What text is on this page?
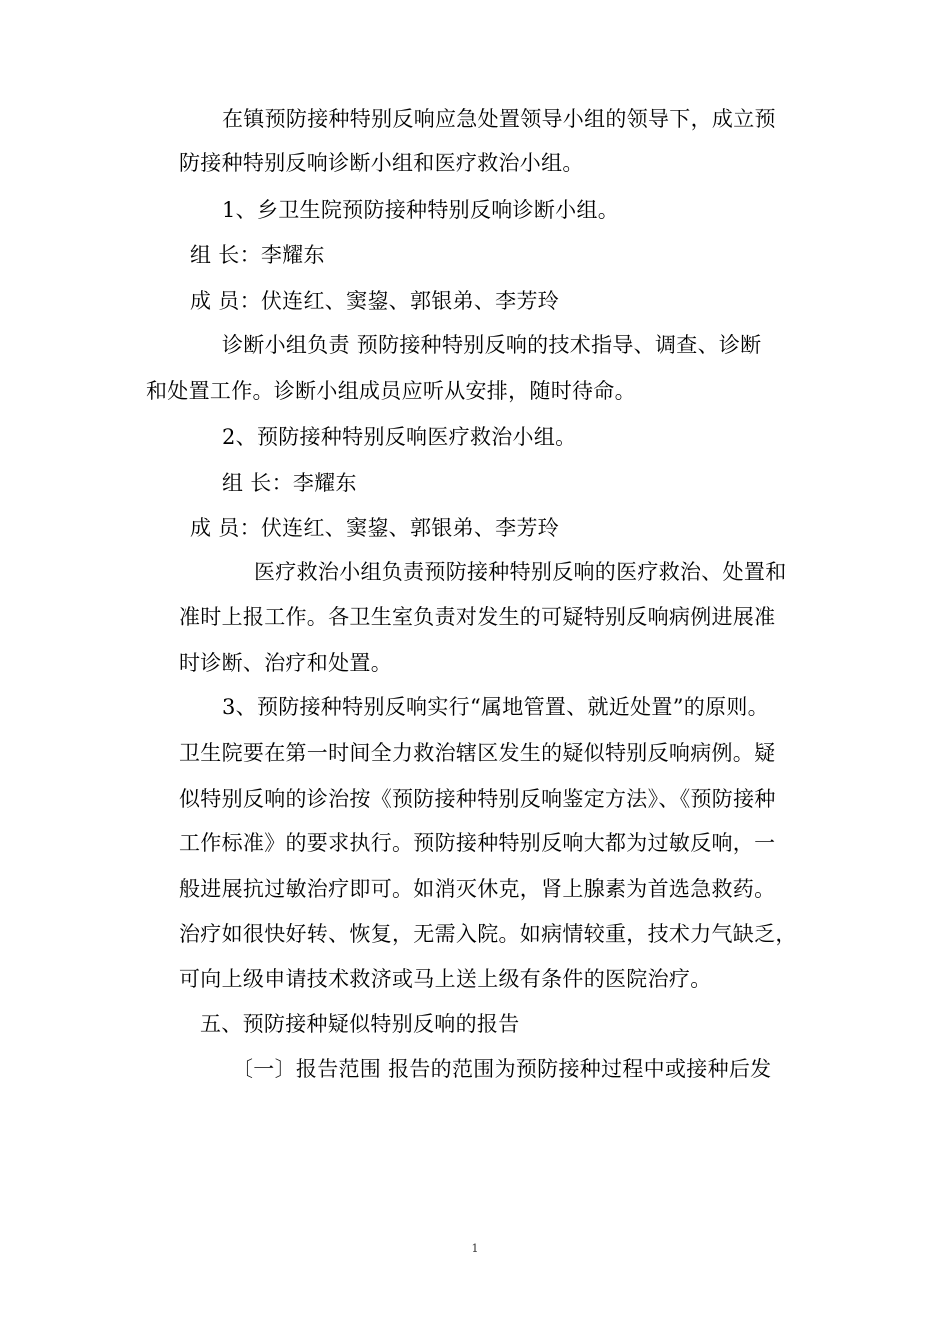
在镇预防接种特别反响应急处置领导小组的领导下，成立预
防接种特别反响诊断小组和医疗救治小组。
1、乡卫生院预防接种特别反响诊断小组。
组 长：李耀东
成 员：伏连红、窦鋆、郭银弟、李芳玲
诊断小组负责 预防接种特别反响的技术指导、调查、诊断
和处置工作。诊断小组成员应听从安排，随时待命。
2、预防接种特别反响医疗救治小组。
组 长：李耀东
成 员：伏连红、窦鋆、郭银弟、李芳玲
医疗救治小组负责预防接种特别反响的医疗救治、处置和
准时上报工作。各卫生室负责对发生的可疑特别反响病例进展准
时诊断、治疗和处置。
3、预防接种特别反响实行“属地管置、就近处置”的原则。
卫生院要在第一时间全力救治辖区发生的疑似特别反响病例。疑
似特别反响的诊治按《预防接种特别反响鉴定方法》、《预防接种
工作标准》的要求执行。预防接种特别反响大都为过敏反响，一
般进展抗过敏治疗即可。如消灭休克，肾上腺素为首选急救药。
治疗如很快好转、恢复，无需入院。如病情较重，技术力气缺乏，
可向上级申请技术救济或马上送上级有条件的医院治疗。
五、预防接种疑似特别反响的报告
〔一〕报告范围 报告的范围为预防接种过程中或接种后发
1
